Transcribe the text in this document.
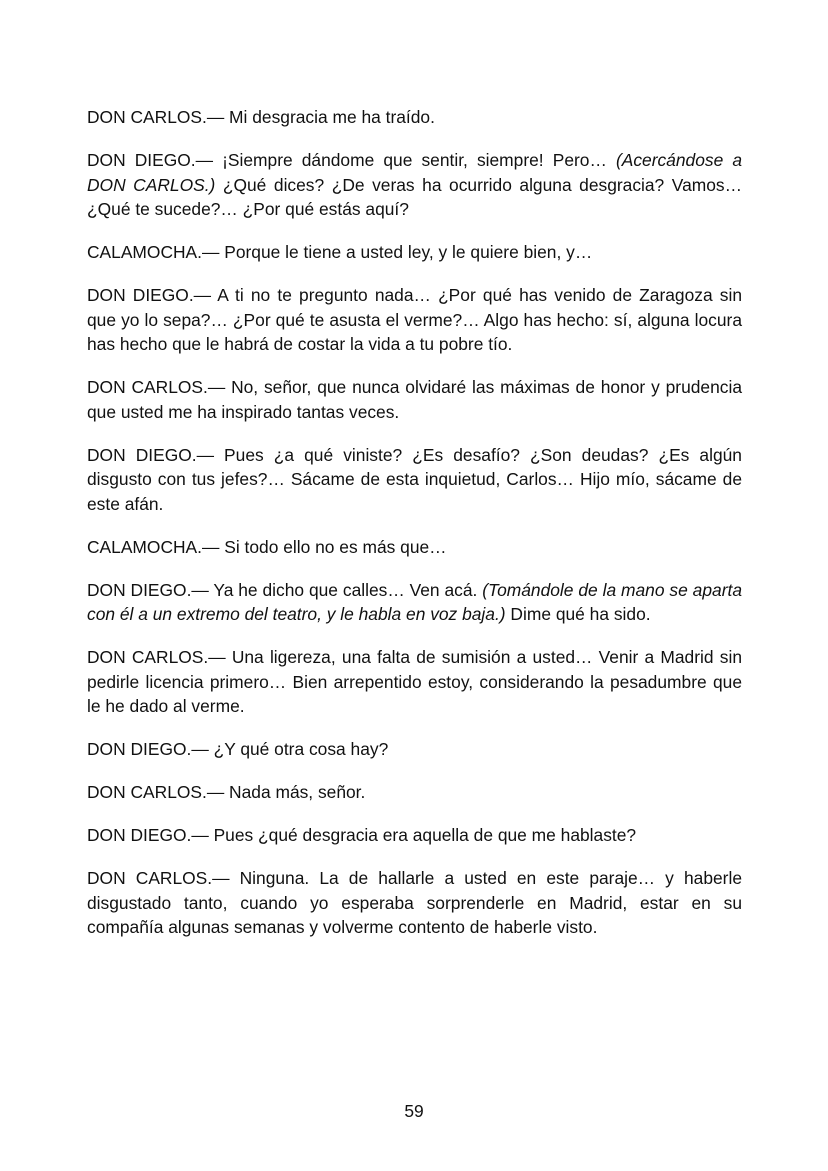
DON CARLOS.— Mi desgracia me ha traído.

DON DIEGO.— ¡Siempre dándome que sentir, siempre! Pero… (Acercándose a DON CARLOS.) ¿Qué dices? ¿De veras ha ocurrido alguna desgracia? Vamos… ¿Qué te sucede?… ¿Por qué estás aquí?

CALAMOCHA.— Porque le tiene a usted ley, y le quiere bien, y…

DON DIEGO.— A ti no te pregunto nada… ¿Por qué has venido de Zaragoza sin que yo lo sepa?… ¿Por qué te asusta el verme?… Algo has hecho: sí, alguna locura has hecho que le habrá de costar la vida a tu pobre tío.

DON CARLOS.— No, señor, que nunca olvidaré las máximas de honor y prudencia que usted me ha inspirado tantas veces.

DON DIEGO.— Pues ¿a qué viniste? ¿Es desafío? ¿Son deudas? ¿Es algún disgusto con tus jefes?… Sácame de esta inquietud, Carlos… Hijo mío, sácame de este afán.

CALAMOCHA.— Si todo ello no es más que…

DON DIEGO.— Ya he dicho que calles… Ven acá. (Tomándole de la mano se aparta con él a un extremo del teatro, y le habla en voz baja.) Dime qué ha sido.

DON CARLOS.— Una ligereza, una falta de sumisión a usted… Venir a Madrid sin pedirle licencia primero… Bien arrepentido estoy, considerando la pesadumbre que le he dado al verme.

DON DIEGO.— ¿Y qué otra cosa hay?

DON CARLOS.— Nada más, señor.

DON DIEGO.— Pues ¿qué desgracia era aquella de que me hablaste?

DON CARLOS.— Ninguna. La de hallarle a usted en este paraje… y haberle disgustado tanto, cuando yo esperaba sorprenderle en Madrid, estar en su compañía algunas semanas y volverme contento de haberle visto.

59
